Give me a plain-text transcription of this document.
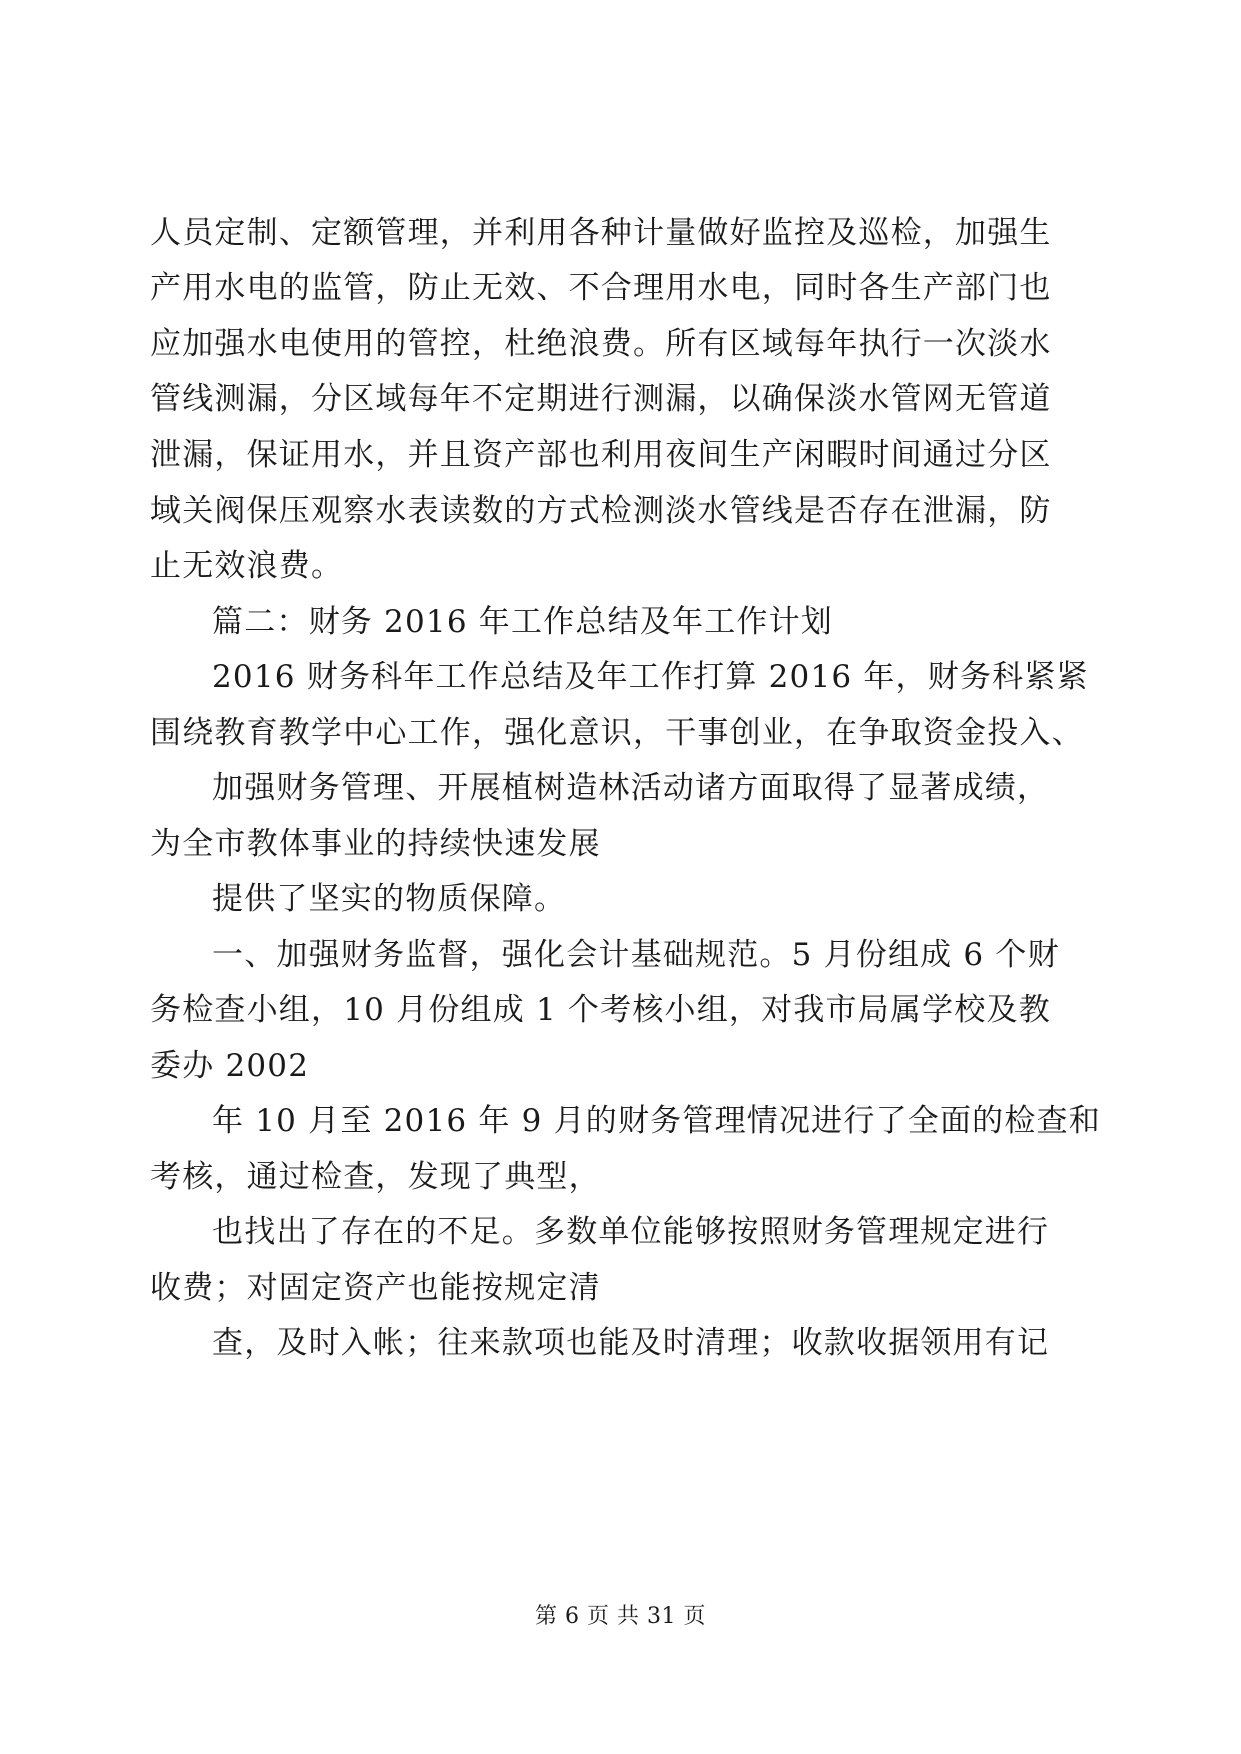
人员定制、定额管理，并利用各种计量做好监控及巡检，加强生
产用水电的监管，防止无效、不合理用水电，同时各生产部门也
应加强水电使用的管控，杜绝浪费。所有区域每年执行一次淡水
管线测漏，分区域每年不定期进行测漏，以确保淡水管网无管道
泄漏，保证用水，并且资产部也利用夜间生产闲暇时间通过分区
域关阀保压观察水表读数的方式检测淡水管线是否存在泄漏，防
止无效浪费。
篇二：财务 2016 年工作总结及年工作计划
2016 财务科年工作总结及年工作打算 2016 年，财务科紧紧
围绕教育教学中心工作，强化意识，干事创业，在争取资金投入、
加强财务管理、开展植树造林活动诸方面取得了显著成绩，
为全市教体事业的持续快速发展
提供了坚实的物质保障。
一、加强财务监督，强化会计基础规范。5 月份组成 6 个财
务检查小组，10 月份组成 1 个考核小组，对我市局属学校及教
委办 2002
年 10 月至 2016 年 9 月的财务管理情况进行了全面的检查和
考核，通过检查，发现了典型，
也找出了存在的不足。多数单位能够按照财务管理规定进行
收费；对固定资产也能按规定清
查，及时入帐；往来款项也能及时清理；收款收据领用有记
第 6 页 共 31 页
